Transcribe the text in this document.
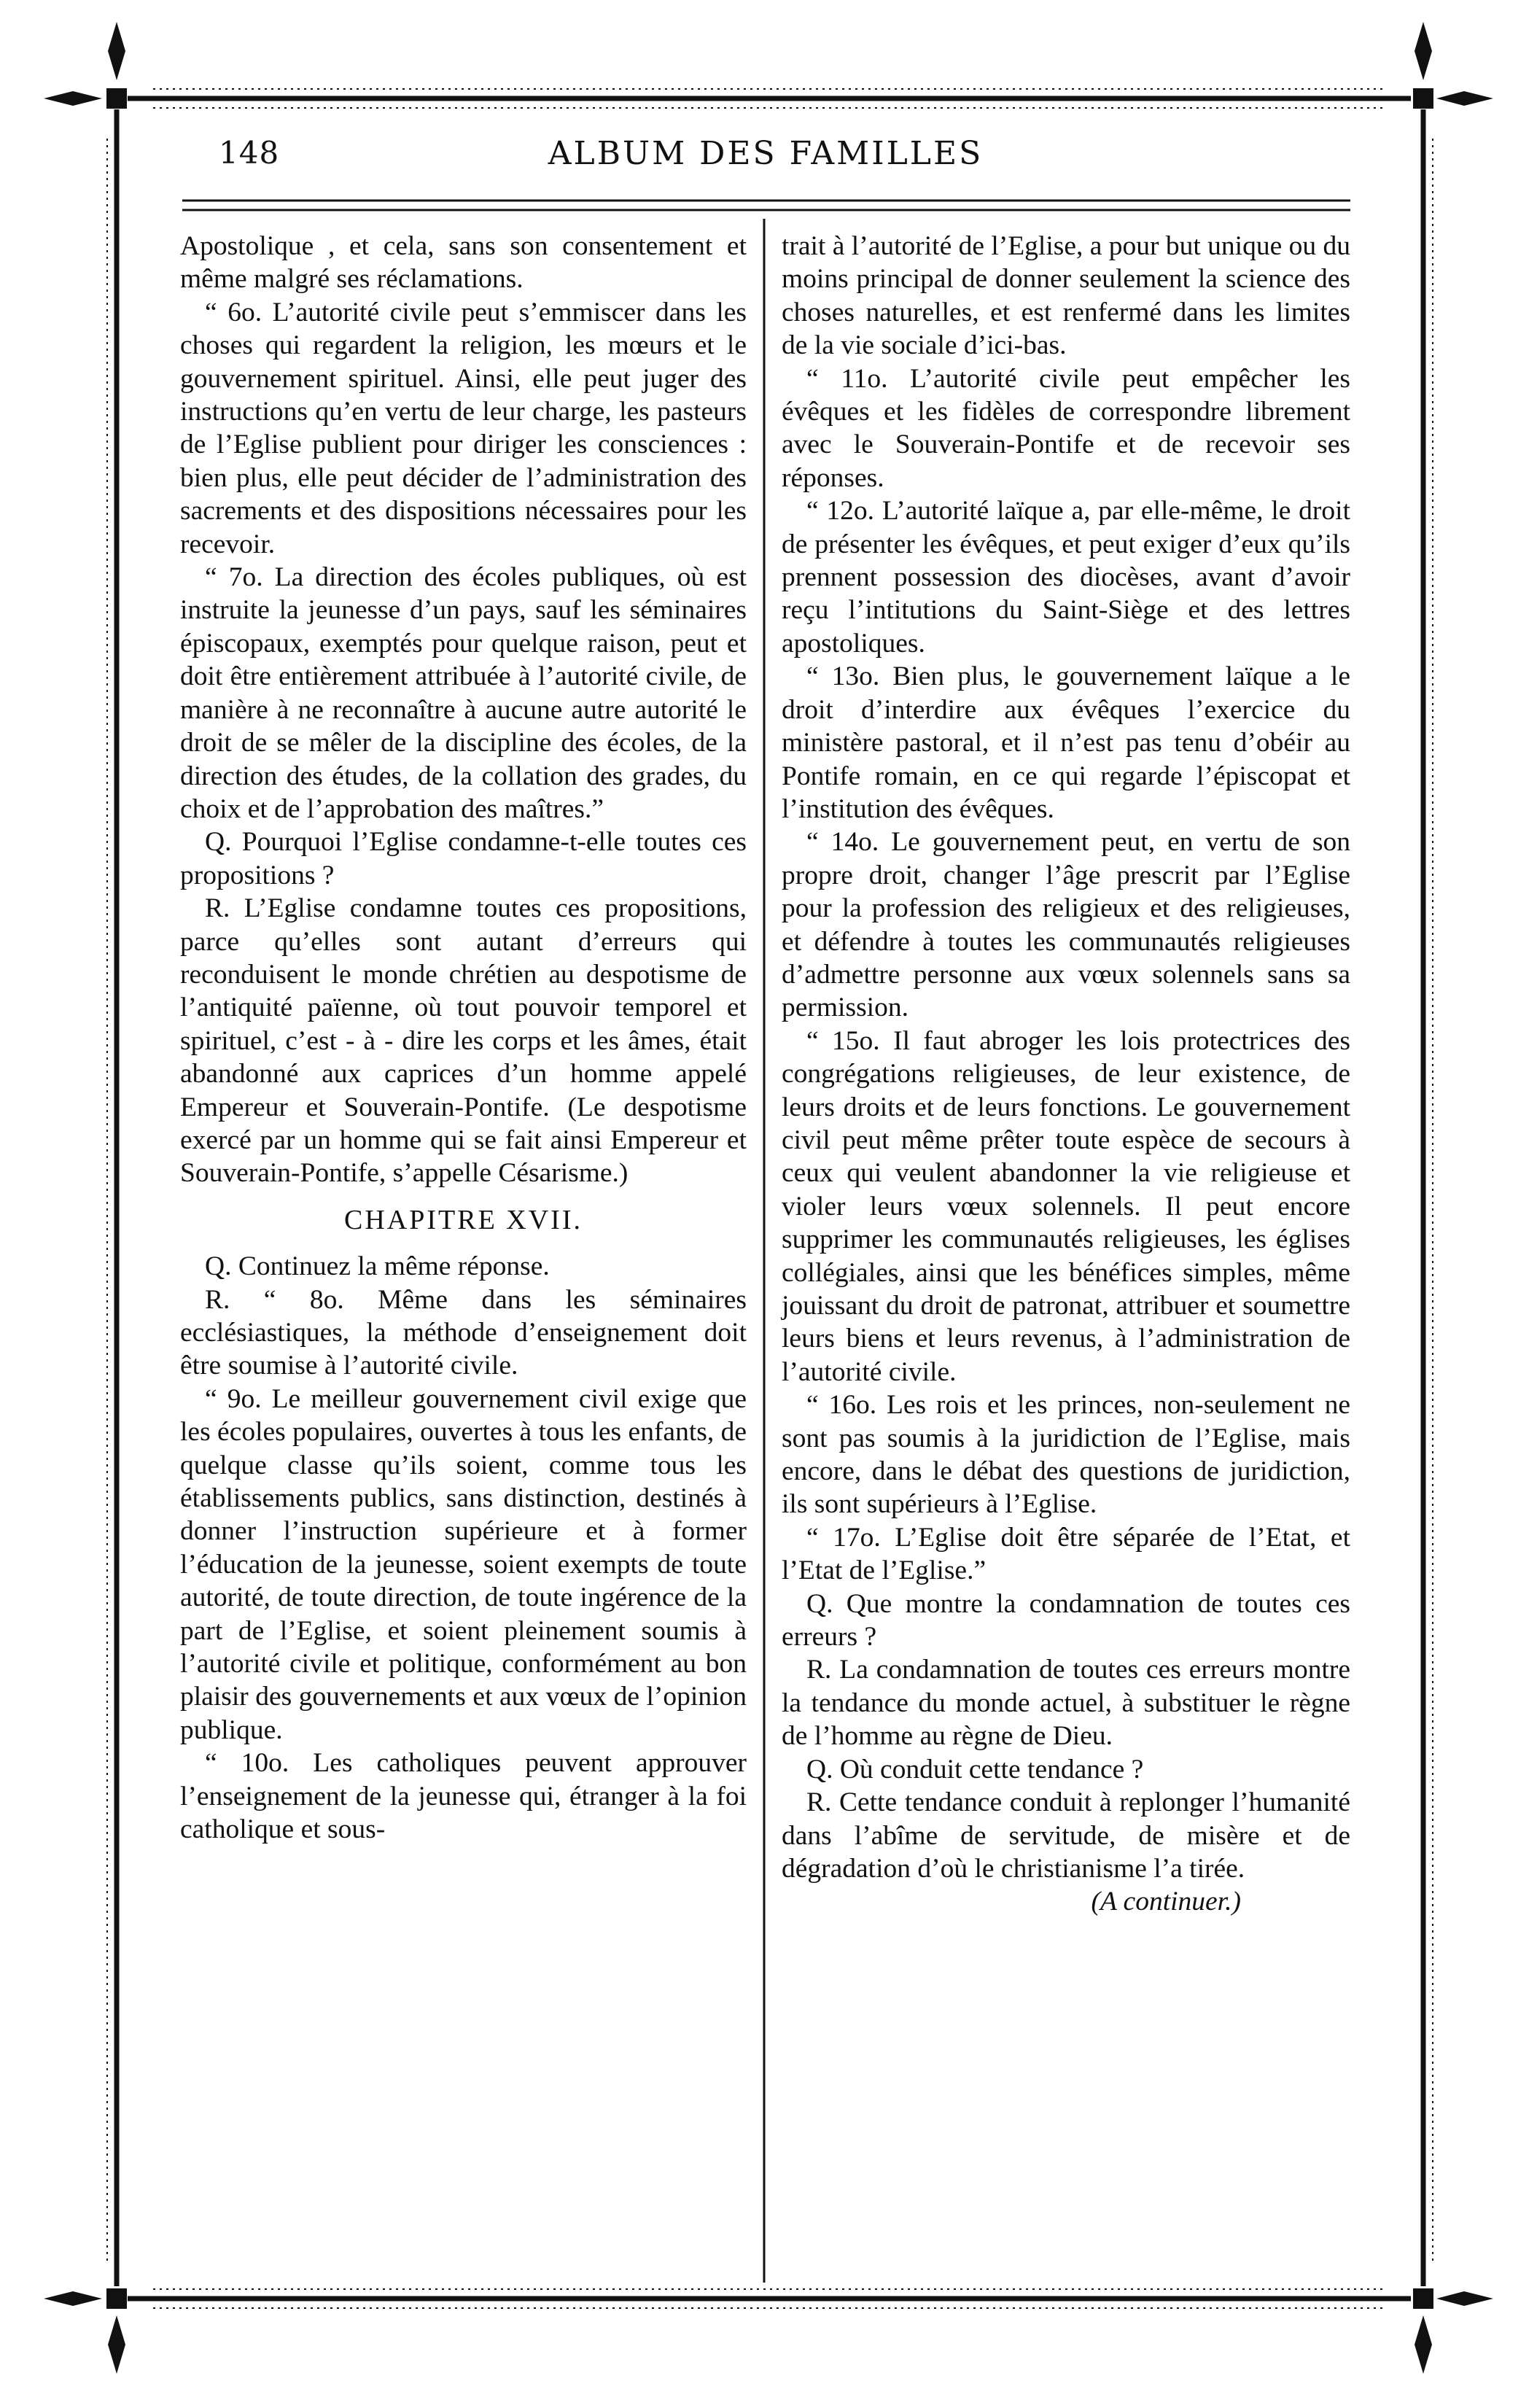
148	ALBUM DES FAMILLES

Apostolique , et cela, sans son consentement et même malgré ses réclamations.

“ 6o. L’autorité civile peut s’emmiscer dans les choses qui regardent la religion, les mœurs et le gouvernement spirituel. Ainsi, elle peut juger des instructions qu’en vertu de leur charge, les pasteurs de l’Eglise publient pour diriger les consciences : bien plus, elle peut décider de l’administration des sacrements et des dispositions nécessaires pour les recevoir.

“ 7o. La direction des écoles publiques, où est instruite la jeunesse d’un pays, sauf les séminaires épiscopaux, exemptés pour quelque raison, peut et doit être entièrement attribuée à l’autorité civile, de manière à ne reconnaître à aucune autre autorité le droit de se mêler de la discipline des écoles, de la direction des études, de la collation des grades, du choix et de l’approbation des maîtres.”

Q. Pourquoi l’Eglise condamne-t-elle toutes ces propositions ?

R. L’Eglise condamne toutes ces propositions, parce qu’elles sont autant d’erreurs qui reconduisent le monde chrétien au despotisme de l’antiquité païenne, où tout pouvoir temporel et spirituel, c’est - à - dire les corps et les âmes, était abandonné aux caprices d’un homme appelé Empereur et Souverain-Pontife. (Le despotisme exercé par un homme qui se fait ainsi Empereur et Souverain-Pontife, s’appelle Césarisme.)

CHAPITRE XVII.

Q. Continuez la même réponse.

R. “ 8o. Même dans les séminaires ecclésiastiques, la méthode d’enseignement doit être soumise à l’autorité civile.

“ 9o. Le meilleur gouvernement civil exige que les écoles populaires, ouvertes à tous les enfants, de quelque classe qu’ils soient, comme tous les établissements publics, sans distinction, destinés à donner l’instruction supérieure et à former l’éducation de la jeunesse, soient exempts de toute autorité, de toute direction, de toute ingérence de la part de l’Eglise, et soient pleinement soumis à l’autorité civile et politique, conformément au bon plaisir des gouvernements et aux vœux de l’opinion publique.

“ 10o. Les catholiques peuvent approuver l’enseignement de la jeunesse qui, étranger à la foi catholique et sous-

trait à l’autorité de l’Eglise, a pour but unique ou du moins principal de donner seulement la science des choses naturelles, et est renfermé dans les limites de la vie sociale d’ici-bas.

“ 11o. L’autorité civile peut empêcher les évêques et les fidèles de correspondre librement avec le Souverain-Pontife et de recevoir ses réponses.

“ 12o. L’autorité laïque a, par elle-même, le droit de présenter les évêques, et peut exiger d’eux qu’ils prennent possession des diocèses, avant d’avoir reçu l’intitutions du Saint-Siège et des lettres apostoliques.

“ 13o. Bien plus, le gouvernement laïque a le droit d’interdire aux évêques l’exercice du ministère pastoral, et il n’est pas tenu d’obéir au Pontife romain, en ce qui regarde l’épiscopat et l’institution des évêques.

“ 14o. Le gouvernement peut, en vertu de son propre droit, changer l’âge prescrit par l’Eglise pour la profession des religieux et des religieuses, et défendre à toutes les communautés religieuses d’admettre personne aux vœux solennels sans sa permission.

“ 15o. Il faut abroger les lois protectrices des congrégations religieuses, de leur existence, de leurs droits et de leurs fonctions. Le gouvernement civil peut même prêter toute espèce de secours à ceux qui veulent abandonner la vie religieuse et violer leurs vœux solennels. Il peut encore supprimer les communautés religieuses, les églises collégiales, ainsi que les bénéfices simples, même jouissant du droit de patronat, attribuer et soumettre leurs biens et leurs revenus, à l’administration de l’autorité civile.

“ 16o. Les rois et les princes, non-seulement ne sont pas soumis à la juridiction de l’Eglise, mais encore, dans le débat des questions de juridiction, ils sont supérieurs à l’Eglise.

“ 17o. L’Eglise doit être séparée de l’Etat, et l’Etat de l’Eglise.”

Q. Que montre la condamnation de toutes ces erreurs ?

R. La condamnation de toutes ces erreurs montre la tendance du monde actuel, à substituer le règne de l’homme au règne de Dieu.

Q. Où conduit cette tendance ?

R. Cette tendance conduit à replonger l’humanité dans l’abîme de servitude, de misère et de dégradation d’où le christianisme l’a tirée.

(A continuer.)
